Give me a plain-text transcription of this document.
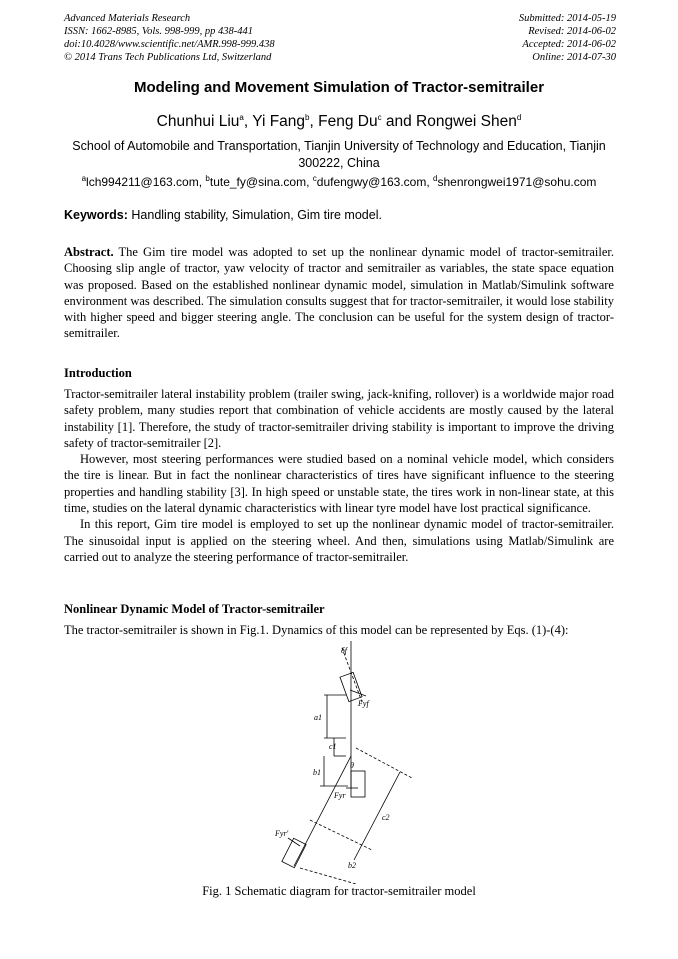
Advanced Materials Research
ISSN: 1662-8985, Vols. 998-999, pp 438-441
doi:10.4028/www.scientific.net/AMR.998-999.438
© 2014 Trans Tech Publications Ltd, Switzerland
Submitted: 2014-05-19
Revised: 2014-06-02
Accepted: 2014-06-02
Online: 2014-07-30
Modeling and Movement Simulation of Tractor-semitrailer
Chunhui Liu$^a$, Yi Fang$^b$, Feng Du$^c$ and Rongwei Shen$^d$
School of Automobile and Transportation, Tianjin University of Technology and Education, Tianjin 300222, China
$^a$lch994211@163.com, $^b$tute_fy@sina.com, $^c$dufengwy@163.com, $^d$shenrongwei1971@sohu.com
Keywords: Handling stability, Simulation, Gim tire model.
Abstract. The Gim tire model was adopted to set up the nonlinear dynamic model of tractor-semitrailer. Choosing slip angle of tractor, yaw velocity of tractor and semitrailer as variables, the state space equation was proposed. Based on the established nonlinear dynamic model, simulation in Matlab/Simulink software environment was described. The simulation consults suggest that for tractor-semitrailer, it would lose stability with higher speed and bigger steering angle. The conclusion can be useful for the system design of tractor-semitrailer.
Introduction

Tractor-semitrailer lateral instability problem (trailer swing, jack-knifing, rollover) is a worldwide major road safety problem, many studies report that combination of vehicle accidents are mostly caused by the lateral instability [1]. Therefore, the study of tractor-semitrailer driving stability is important to improve the driving safety of tractor-semitrailer [2].

However, most steering performances were studied based on a nominal vehicle model, which considers the tire is linear. But in fact the nonlinear characteristics of tires have significant influence to the steering properties and handling stability [3]. In high speed or unstable state, the tires work in non-linear state, at this time, studies on the lateral dynamic characteristics with linear tyre model have lost practical significance.

In this report, Gim tire model is employed to set up the nonlinear dynamic model of tractor-semitrailer. The sinusoidal input is applied on the steering wheel. And then, simulations using Matlab/Simulink are carried out to analyze the steering performance of tractor-semitrailer.

Nonlinear Dynamic Model of Tractor-semitrailer

The tractor-semitrailer is shown in Fig.1. Dynamics of this model can be represented by Eqs. (1)-(4):

δf
Fyf
a1
c1
b1
θ
Fyr
c2
Fyr'
b2
Fig. 1 Schematic diagram for tractor-semitrailer model
